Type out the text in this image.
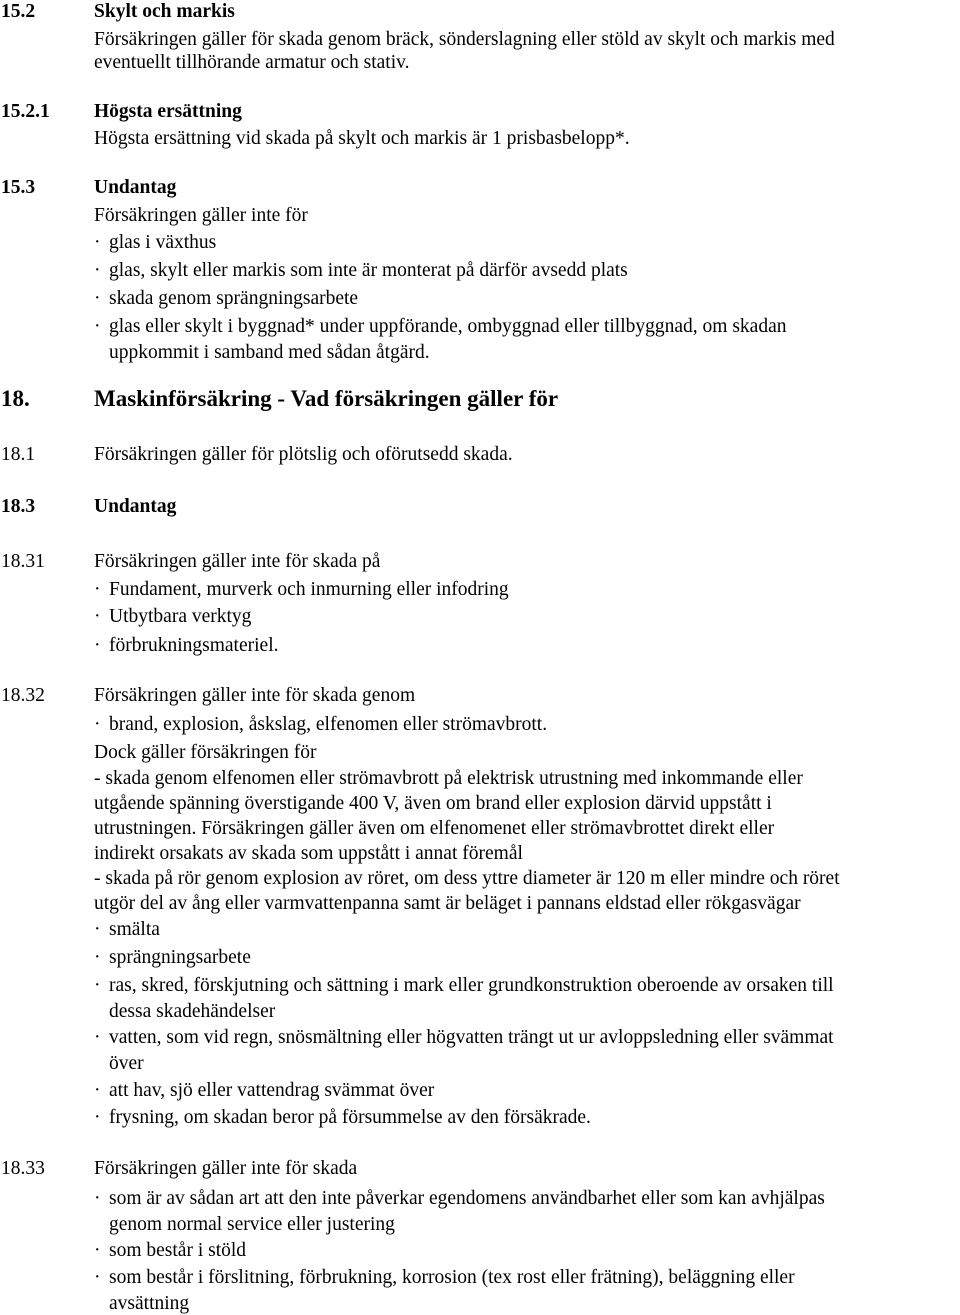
15.2	Skylt och markis
Försäkringen gäller för skada genom bräck, sönderslagning eller stöld av skylt och markis med
eventuellt tillhörande armatur och stativ.
15.2.1 Högsta ersättning
Högsta ersättning vid skada på skylt och markis är 1 prisbasbelopp*.
15.3	Undantag
Försäkringen gäller inte för
· glas i växthus
· glas, skylt eller markis som inte är monterat på därför avsedd plats
· skada genom sprängningsarbete
· glas eller skylt i byggnad* under uppförande, ombyggnad eller tillbyggnad, om skadan
uppkommit i samband med sådan åtgärd.
18.	Maskinförsäkring - Vad försäkringen gäller för
18.1	Försäkringen gäller för plötslig och oförutsedd skada.
18.3	Undantag
18.31	Försäkringen gäller inte för skada på
· Fundament, murverk och inmurning eller infodring
· Utbytbara verktyg
· förbrukningsmateriel.
18.32	Försäkringen gäller inte för skada genom
· brand, explosion, åskslag, elfenomen eller strömavbrott.
Dock gäller försäkringen för
- skada genom elfenomen eller strömavbrott på elektrisk utrustning med inkommande eller
utgående spänning överstigande 400 V, även om brand eller explosion därvid uppstått i
utrustningen. Försäkringen gäller även om elfenomenet eller strömavbrottet direkt eller
indirekt orsakats av skada som uppstått i annat föremål
- skada på rör genom explosion av röret, om dess yttre diameter är 120 m eller mindre och röret
utgör del av ång eller varmvattenpanna samt är beläget i pannans eldstad eller rökgasvägar
· smälta
· sprängningsarbete
· ras, skred, förskjutning och sättning i mark eller grundkonstruktion oberoende av orsaken till
dessa skadehändelser
· vatten, som vid regn, snösmältning eller högvatten trängt ut ur avloppsledning eller svämmat
över
· att hav, sjö eller vattendrag svämmat över
· frysning, om skadan beror på försummelse av den försäkrade.
18.33	Försäkringen gäller inte för skada
· som är av sådan art att den inte påverkar egendomens användbarhet eller som kan avhjälpas
genom normal service eller justering
· som består i stöld
· som består i förslitning, förbrukning, korrosion (tex rost eller frätning), beläggning eller
avsättning
